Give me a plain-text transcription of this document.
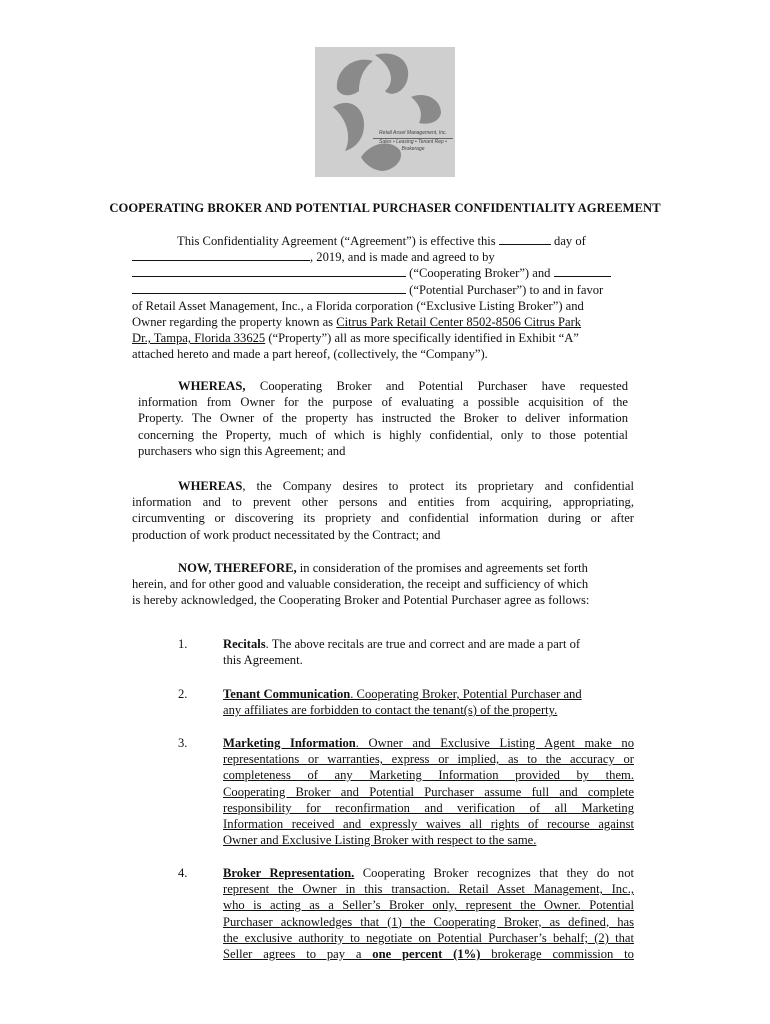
Retail Asset Management, Inc.
Sales • Leasing • Tenant Rep • Brokerage
COOPERATING BROKER AND POTENTIAL PURCHASER CONFIDENTIALITY AGREEMENT
This Confidentiality Agreement (“Agreement”) is effective this	day of
, 2019, and is made and agreed to by
(“Cooperating Broker”) and
(“Potential Purchaser”) to and in favor
of Retail Asset Management, Inc., a Florida corporation (“Exclusive Listing Broker”) and
Owner regarding the property known as Citrus Park Retail Center 8502-8506 Citrus Park
Dr., Tampa, Florida 33625 (“Property”) all as more specifically identified in Exhibit “A”
attached hereto and made a part hereof, (collectively, the “Company”).
WHEREAS, Cooperating Broker and Potential Purchaser have requested
information from Owner for the purpose of evaluating a possible acquisition of the
Property. The Owner of the property has instructed the Broker to deliver information
concerning the Property, much of which is highly confidential, only to those potential
purchasers who sign this Agreement; and
WHEREAS, the Company desires to protect its proprietary and confidential
information and to prevent other persons and entities from acquiring, appropriating,
circumventing or discovering its propriety and confidential information during or after
production of work product necessitated by the Contract; and
NOW, THEREFORE, in consideration of the promises and agreements set forth
herein, and for other good and valuable consideration, the receipt and sufficiency of which
is hereby acknowledged, the Cooperating Broker and Potential Purchaser agree as follows:
1.	Recitals. The above recitals are true and correct and are made a part of
this Agreement.
2.	Tenant Communication. Cooperating Broker, Potential Purchaser and
any affiliates are forbidden to contact the tenant(s) of the property.
3.	Marketing Information. Owner and Exclusive Listing Agent make no
representations or warranties, express or implied, as to the accuracy or
completeness of any Marketing Information provided by them.
Cooperating Broker and Potential Purchaser assume full and complete
responsibility for reconfirmation and verification of all Marketing
Information received and expressly waives all rights of recourse against
Owner and Exclusive Listing Broker with respect to the same.
4.	Broker Representation. Cooperating Broker recognizes that they do not
represent the Owner in this transaction. Retail Asset Management, Inc.,
who is acting as a Seller’s Broker only, represent the Owner. Potential
Purchaser acknowledges that (1) the Cooperating Broker, as defined, has
the exclusive authority to negotiate on Potential Purchaser’s behalf; (2) that
Seller agrees to pay a one percent (1%) brokerage commission to
